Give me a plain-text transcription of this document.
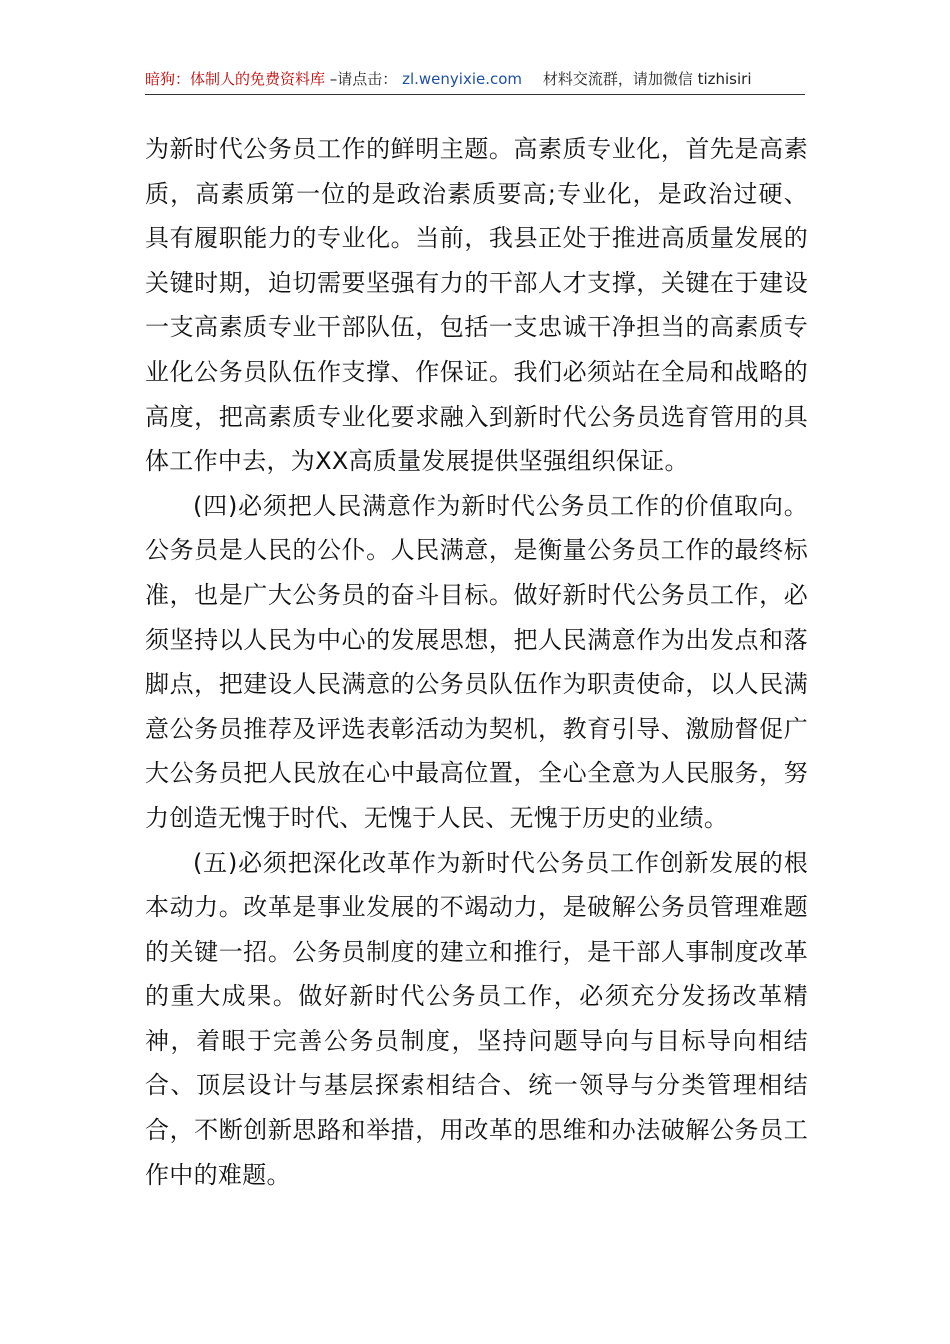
暗狗：体制人的免费资料库 –请点击： zl.wenyixie.com 材料交流群，请加微信 tizhisiri

为新时代公务员工作的鲜明主题。高素质专业化，首先是高素质，高素质第一位的是政治素质要高;专业化，是政治过硬、具有履职能力的专业化。当前，我县正处于推进高质量发展的关键时期，迫切需要坚强有力的干部人才支撑，关键在于建设一支高素质专业干部队伍，包括一支忠诚干净担当的高素质专业化公务员队伍作支撑、作保证。我们必须站在全局和战略的高度，把高素质专业化要求融入到新时代公务员选育管用的具体工作中去，为XX高质量发展提供坚强组织保证。

(四)必须把人民满意作为新时代公务员工作的价值取向。公务员是人民的公仆。人民满意，是衡量公务员工作的最终标准，也是广大公务员的奋斗目标。做好新时代公务员工作，必须坚持以人民为中心的发展思想，把人民满意作为出发点和落脚点，把建设人民满意的公务员队伍作为职责使命，以人民满意公务员推荐及评选表彰活动为契机，教育引导、激励督促广大公务员把人民放在心中最高位置，全心全意为人民服务，努力创造无愧于时代、无愧于人民、无愧于历史的业绩。

(五)必须把深化改革作为新时代公务员工作创新发展的根本动力。改革是事业发展的不竭动力，是破解公务员管理难题的关键一招。公务员制度的建立和推行，是干部人事制度改革的重大成果。做好新时代公务员工作，必须充分发扬改革精神，着眼于完善公务员制度，坚持问题导向与目标导向相结合、顶层设计与基层探索相结合、统一领导与分类管理相结合，不断创新思路和举措，用改革的思维和办法破解公务员工作中的难题。
